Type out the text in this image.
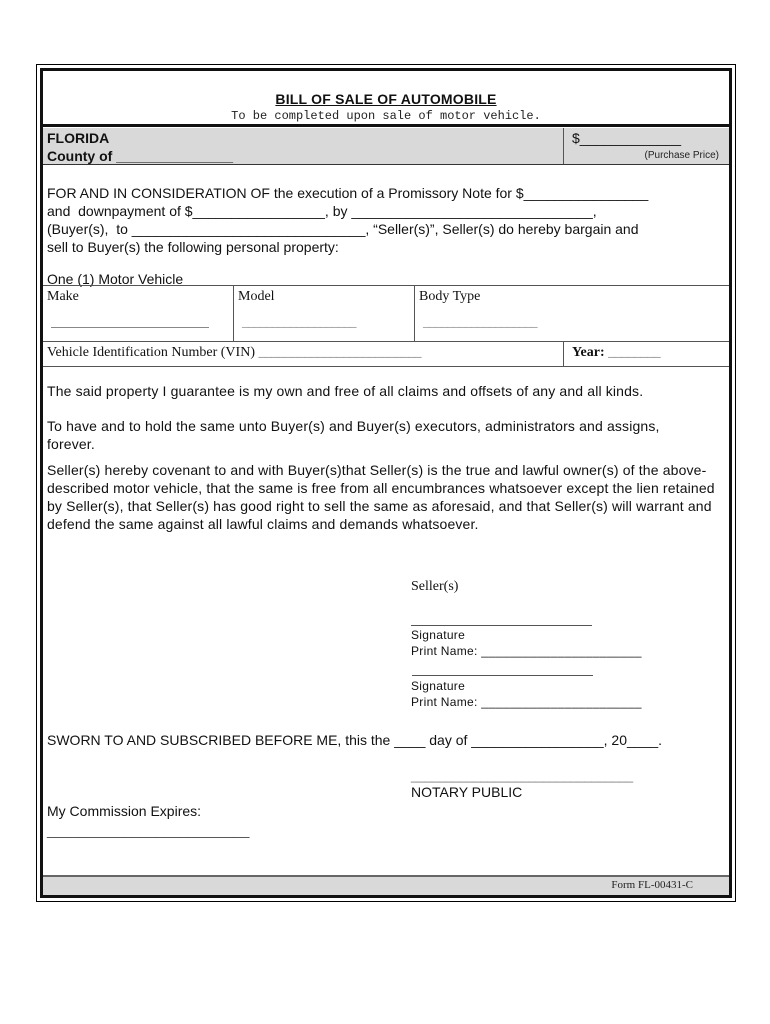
BILL OF SALE OF AUTOMOBILE
To be completed upon sale of motor vehicle.
FLORIDA
County of _______________
$_____________
(Purchase Price)
FOR AND IN CONSIDERATION OF the execution of a Promissory Note for $________________
and  downpayment of $_________________, by _______________________________,
(Buyer(s),  to ______________________________, “Seller(s)”, Seller(s) do hereby bargain and
sell to Buyer(s) the following personal property:
One (1) Motor Vehicle
Make	Model
___________________
Body Type
___________________
Vehicle Identification Number (VIN) _________________________	Year: ________
The said property I guarantee is my own and free of all claims and offsets of any and all kinds.
To have and to hold the same unto Buyer(s) and Buyer(s) executors, administrators and assigns, forever.
Seller(s) hereby covenant to and with Buyer(s)that Seller(s) is the true and lawful owner(s) of the above-described motor vehicle, that the same is free from all encumbrances whatsoever except the lien retained by Seller(s), that Seller(s) has good right to sell the same as aforesaid, and that Seller(s) will warrant and defend the same against all lawful claims and demands whatsoever.
Seller(s)
Signature
Print Name: _______________________
Signature
Print Name: _______________________
SWORN TO AND SUBSCRIBED BEFORE ME, this the ____ day of _________________, 20____.
________________________________
NOTARY PUBLIC
My Commission Expires:
__________________________
Form FL-00431-C
